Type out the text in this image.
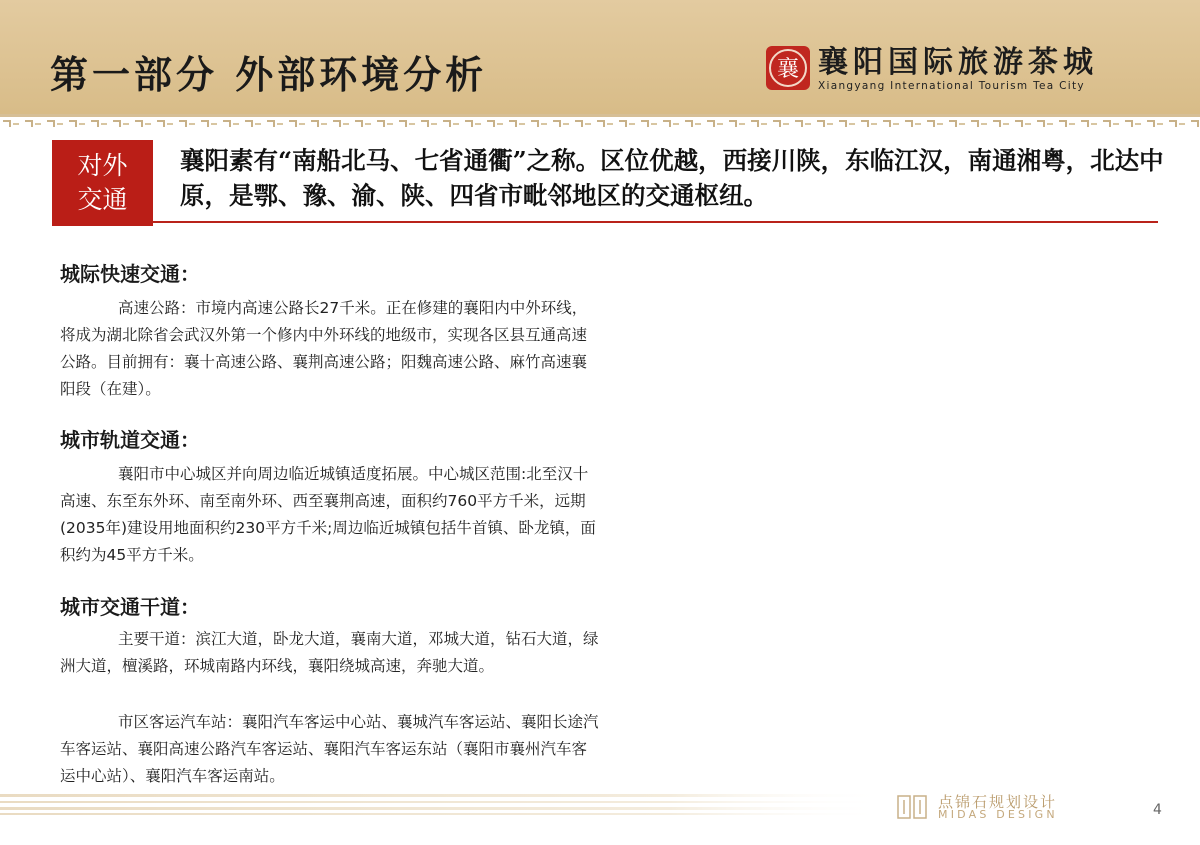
第一部分 外部环境分析	襄 襄阳国际旅游茶城
Xiangyang International Tourism Tea City
对外
交通
襄阳素有“南船北马、七省通衢”之称。区位优越，西接川陕，东临江汉，南通湘粤，北达中原，是鄂、豫、渝、陕、四省市毗邻地区的交通枢纽。
城际快速交通：
高速公路：市境内高速公路长27千米。正在修建的襄阳内中外环线，将成为湖北除省会武汉外第一个修内中外环线的地级市，实现各区县互通高速公路。目前拥有：襄十高速公路、襄荆高速公路；阳魏高速公路、麻竹高速襄阳段（在建）。
城市轨道交通：
襄阳市中心城区并向周边临近城镇适度拓展。中心城区范围:北至汉十高速、东至东外环、南至南外环、西至襄荆高速，面积约760平方千米，远期(2035年)建设用地面积约230平方千米;周边临近城镇包括牛首镇、卧龙镇，面积约为45平方千米。
城市交通干道：
主要干道：滨江大道，卧龙大道，襄南大道，邓城大道，钻石大道，绿洲大道，檀溪路，环城南路内环线，襄阳绕城高速，奔驰大道。
市区客运汽车站：襄阳汽车客运中心站、襄城汽车客运站、襄阳长途汽车客运站、襄阳高速公路汽车客运站、襄阳汽车客运东站（襄阳市襄州汽车客运中心站）、襄阳汽车客运南站。
点锦石规划设计
MIDAS DESIGN	4
